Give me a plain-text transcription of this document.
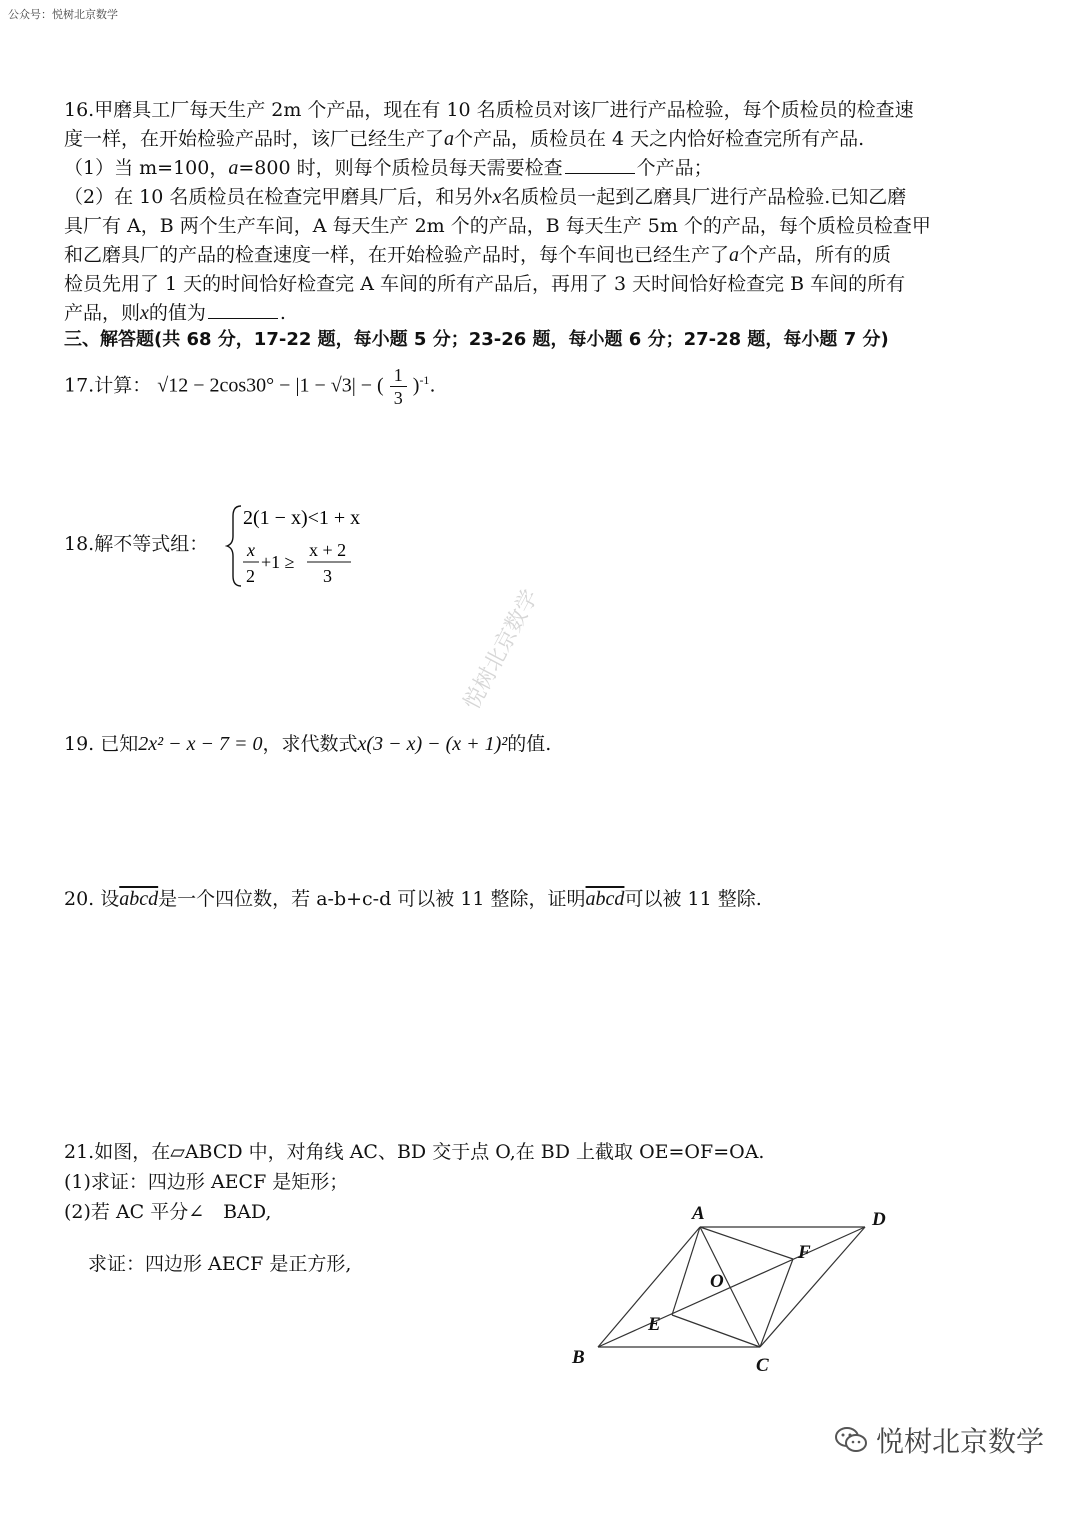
公众号：悦树北京数学
16.甲磨具工厂每天生产 2m 个产品，现在有 10 名质检员对该厂进行产品检验，每个质检员的检查速
度一样，在开始检验产品时，该厂已经生产了a个产品，质检员在 4 天之内恰好检查完所有产品.
（1）当 m=100，a=800 时，则每个质检员每天需要检查	个产品；
（2）在 10 名质检员在检查完甲磨具厂后，和另外x名质检员一起到乙磨具厂进行产品检验.已知乙磨
具厂有 A，B 两个生产车间，A 每天生产 2m 个的产品，B 每天生产 5m 个的产品，每个质检员检查甲
和乙磨具厂的产品的检查速度一样，在开始检验产品时，每个车间也已经生产了a个产品，所有的质
检员先用了 1 天的时间恰好检查完 A 车间的所有产品后，再用了 3 天时间恰好检查完 B 车间的所有
产品，则x的值为	.
三、解答题(共 68 分，17-22 题，每小题 5 分；23-26 题，每小题 6 分；27-28 题，每小题 7 分)
17.计算： √12 − 2cos30° − |1 − √3| − ( $\frac{1}{3} )^{-1}$.
18.解不等式组：
2(1 − x)<1 + x
x
2
+1 ≥
x + 2
3
19. 已知2x² − x − 7 = 0，求代数式x(3 − x) − (x + 1)²的值.
20. 设abcd是一个四位数，若 a-b+c-d 可以被 11 整除，证明abcd可以被 11 整除.
21.如图，在▱ABCD 中，对角线 AC、BD 交于点 O,在 BD 上截取 OE=OF=OA.
(1)求证：四边形 AECF 是矩形；
(2)若 AC 平分∠　BAD,
求证：四边形 AECF 是正方形,
A	D
F
O
E
B	C
悦树北京数学
悦树北京数学
